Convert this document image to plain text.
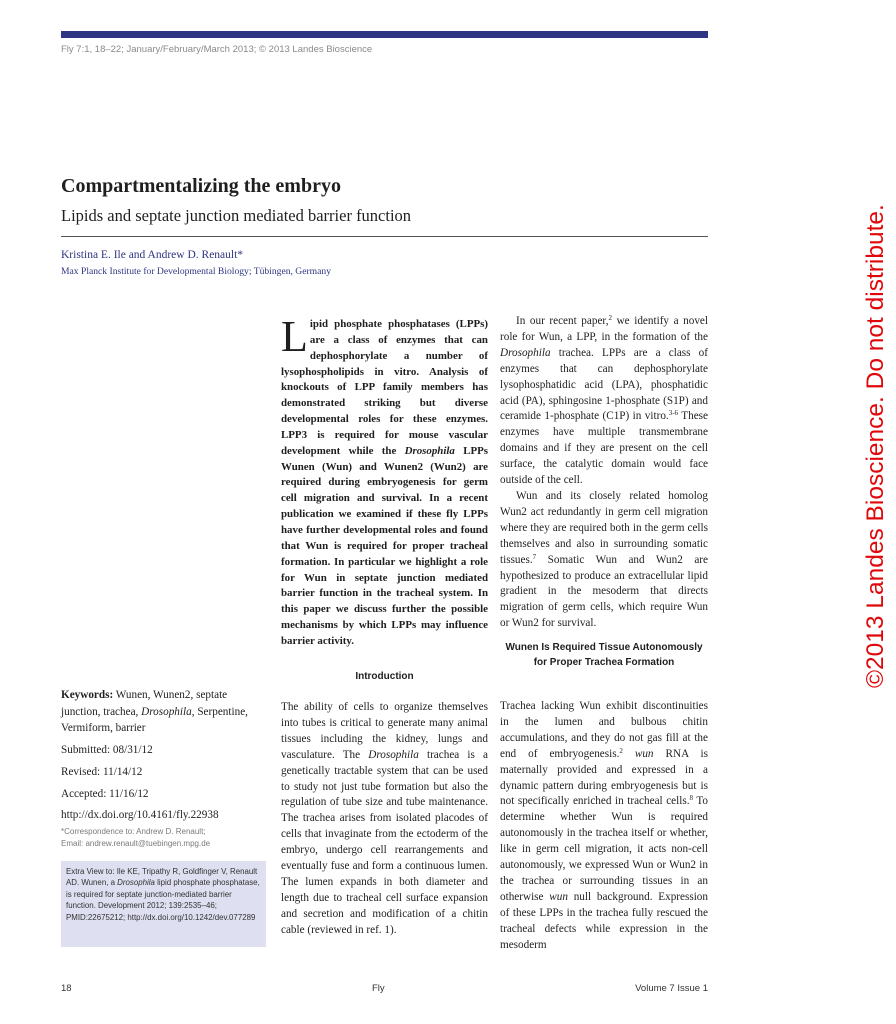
Fly 7:1, 18–22; January/February/March 2013; © 2013 Landes Bioscience
Compartmentalizing the embryo
Lipids and septate junction mediated barrier function
Kristina E. Ile and Andrew D. Renault*
Max Planck Institute for Developmental Biology; Tübingen, Germany	©2013 Landes Bioscience. Do not distribute.

Keywords: Wunen, Wunen2, septate junction, trachea, Drosophila, Serpentine, Vermiform, barrier

Submitted: 08/31/12

Revised: 11/14/12

Accepted: 11/16/12

http://dx.doi.org/10.4161/fly.22938

*Correspondence to: Andrew D. Renault;
Email: andrew.renault@tuebingen.mpg.de
Extra View to: Ile KE, Tripathy R, Goldfinger V, Renault AD. Wunen, a Drosophila lipid phosphate phosphatase, is required for septate junction-mediated barrier function. Development 2012; 139:2535–46; PMID:22675212; http://dx.doi.org/10.1242/dev.077289
Lipid phosphate phosphatases (LPPs) are a class of enzymes that can dephosphorylate a number of lysophospholipids in vitro. Analysis of knockouts of LPP family members has demonstrated striking but diverse developmental roles for these enzymes. LPP3 is required for mouse vascular development while the Drosophila LPPs Wunen (Wun) and Wunen2 (Wun2) are required during embryogenesis for germ cell migration and survival. In a recent publication we examined if these fly LPPs have further developmental roles and found that Wun is required for proper tracheal formation. In particular we highlight a role for Wun in septate junction mediated barrier function in the tracheal system. In this paper we discuss further the possible mechanisms by which LPPs may influence barrier activity.
Introduction
The ability of cells to organize themselves into tubes is critical to generate many animal tissues including the kidney, lungs and vasculature. The Drosophila trachea is a genetically tractable system that can be used to study not just tube formation but also the regulation of tube size and tube maintenance. The trachea arises from isolated placodes of cells that invaginate from the ectoderm of the embryo, undergo cell rearrangements and eventually fuse and form a continuous lumen. The lumen expands in both diameter and length due to tracheal cell surface expansion and secretion and modification of a chitin cable (reviewed in ref. 1).

In our recent paper,$^2$ we identify a novel role for Wun, a LPP, in the formation of the Drosophila trachea. LPPs are a class of enzymes that can dephosphorylate lysophosphatidic acid (LPA), phosphatidic acid (PA), sphingosine 1-phosphate (S1P) and ceramide 1-phosphate (C1P) in vitro.$^{3-6}$ These enzymes have multiple transmembrane domains and if they are present on the cell surface, the catalytic domain would face outside of the cell.

Wun and its closely related homolog Wun2 act redundantly in germ cell migration where they are required both in the germ cells themselves and also in surrounding somatic tissues.$^7$ Somatic Wun and Wun2 are hypothesized to produce an extracellular lipid gradient in the mesoderm that directs migration of germ cells, which require Wun or Wun2 for survival.

Wunen Is Required Tissue Autonomously for Proper Trachea Formation
Trachea lacking Wun exhibit discontinuities in the lumen and bulbous chitin accumulations, and they do not gas fill at the end of embryogenesis.$^2$ wun RNA is maternally provided and expressed in a dynamic pattern during embryogenesis but is not specifically enriched in tracheal cells.$^8$ To determine whether Wun is required autonomously in the trachea itself or whether, like in germ cell migration, it acts non-cell autonomously, we expressed Wun or Wun2 in the trachea or surrounding tissues in an otherwise wun null background. Expression of these LPPs in the trachea fully rescued the tracheal defects while expression in the mesoderm
18	Fly	Volume 7 Issue 1
